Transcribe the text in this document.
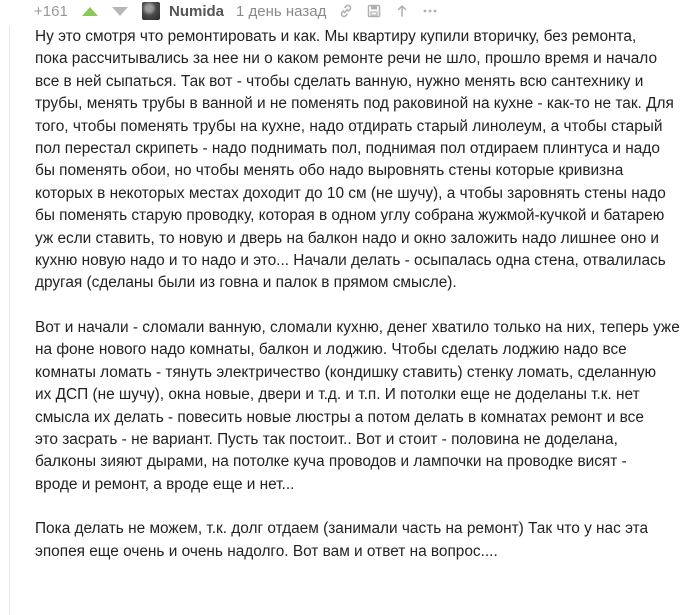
+161	Numida 1 день назад

Ну это смотря что ремонтировать и как. Мы квартиру купили вторичку, без ремонта,
пока рассчитывались за нее ни о каком ремонте речи не шло, прошло время и начало
все в ней сыпаться. Так вот - чтобы сделать ванную, нужно менять всю сантехнику и
трубы, менять трубы в ванной и не поменять под раковиной на кухне - как-то не так. Для
того, чтобы поменять трубы на кухне, надо отдирать старый линолеум, а чтобы старый
пол перестал скрипеть - надо поднимать пол, поднимая пол отдираем плинтуса и надо
бы поменять обои, но чтобы менять обо надо выровнять стены которые кривизна
которых в некоторых местах доходит до 10 см (не шучу), а чтобы заровнять стены надо
бы поменять старую проводку, которая в одном углу собрана жужмой-кучкой и батарею
уж если ставить, то новую и дверь на балкон надо и окно заложить надо лишнее оно и
кухню новую надо и то надо и это... Начали делать - осыпалась одна стена, отвалилась
другая (сделаны были из говна и палок в прямом смысле).

Вот и начали - сломали ванную, сломали кухню, денег хватило только на них, теперь уже
на фоне нового надо комнаты, балкон и лоджию. Чтобы сделать лоджию надо все
комнаты ломать - тянуть электричество (кондишку ставить) стенку ломать, сделанную
их ДСП (не шучу), окна новые, двери и т.д. и т.п. И потолки еще не доделаны т.к. нет
смысла их делать - повесить новые люстры а потом делать в комнатах ремонт и все
это засрать - не вариант. Пусть так постоит.. Вот и стоит - половина не доделана,
балконы зияют дырами, на потолке куча проводов и лампочки на проводке висят -
вроде и ремонт, а вроде еще и нет...

Пока делать не можем, т.к. долг отдаем (занимали часть на ремонт) Так что у нас эта
эпопея еще очень и очень надолго. Вот вам и ответ на вопрос....
